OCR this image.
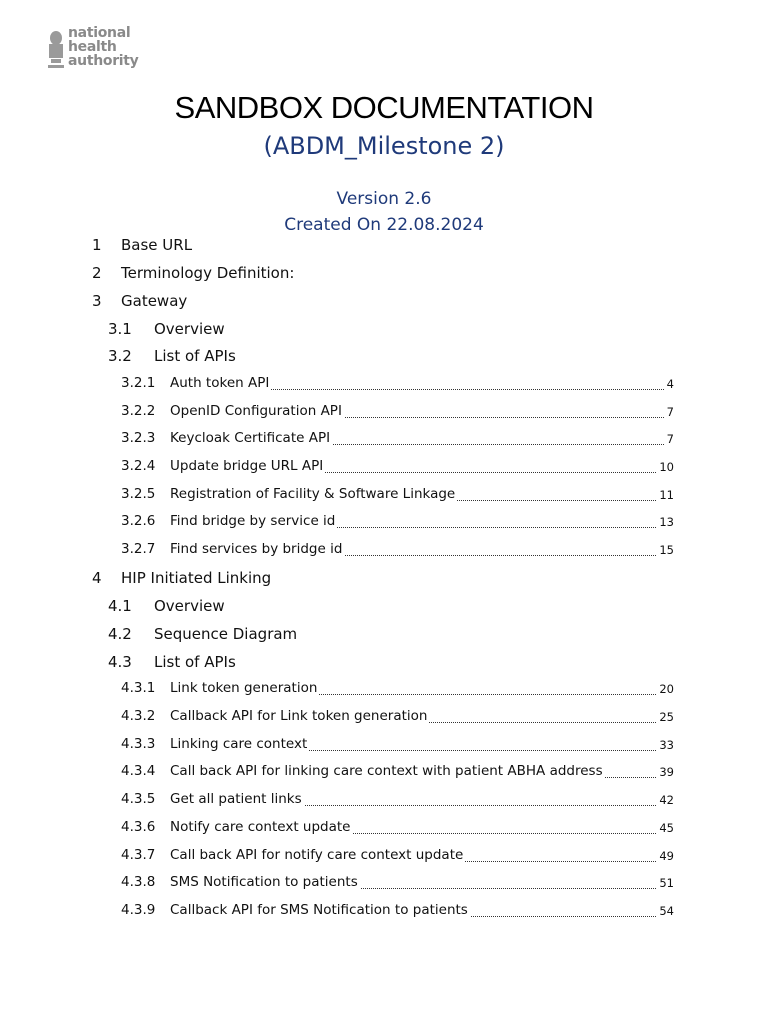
national
health
authority
SANDBOX DOCUMENTATION
(ABDM_Milestone 2)
Version 2.6
Created On 22.08.2024
1 Base URL
2 Terminology Definition:
3 Gateway
3.1 Overview
3.2 List of APIs
3.2.1 Auth token API	4
3.2.2 OpenID Configuration API	7
3.2.3 Keycloak Certificate API	7
3.2.4 Update bridge URL API	10
3.2.5 Registration of Facility & Software Linkage	11
3.2.6 Find bridge by service id	13
3.2.7 Find services by bridge id	15
4 HIP Initiated Linking
4.1 Overview
4.2 Sequence Diagram
4.3 List of APIs
4.3.1 Link token generation	20
4.3.2 Callback API for Link token generation	25
4.3.3 Linking care context	33
4.3.4 Call back API for linking care context with patient ABHA address	39
4.3.5 Get all patient links	42
4.3.6 Notify care context update	45
4.3.7 Call back API for notify care context update	49
4.3.8 SMS Notification to patients	51
4.3.9 Callback API for SMS Notification to patients	54
